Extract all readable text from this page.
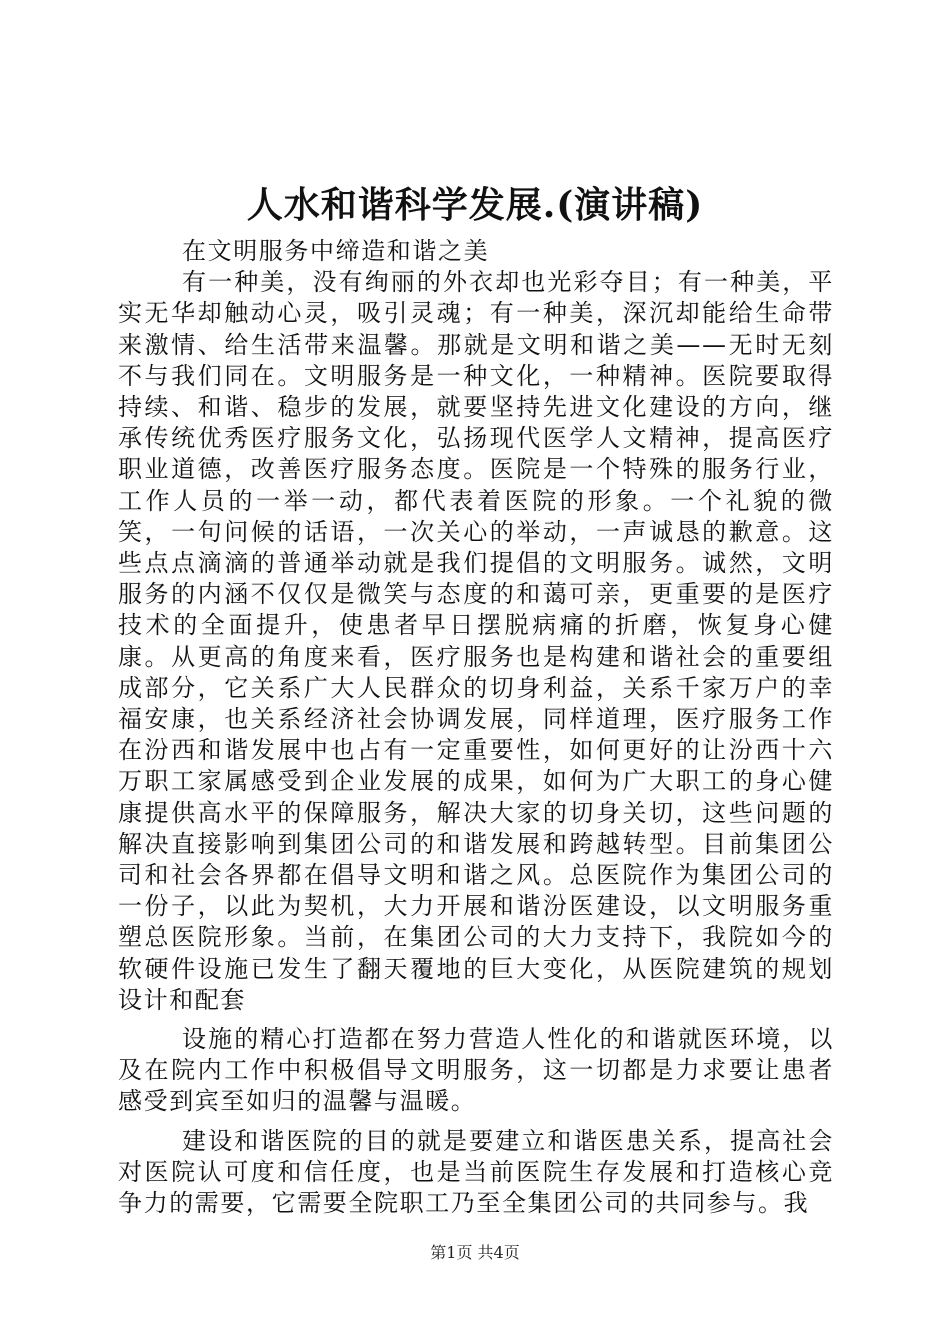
人水和谐科学发展.(演讲稿)

在文明服务中缔造和谐之美

有一种美，没有绚丽的外衣却也光彩夺目；有一种美，平实无华却触动心灵，吸引灵魂；有一种美，深沉却能给生命带来激情、给生活带来温馨。那就是文明和谐之美——无时无刻不与我们同在。文明服务是一种文化，一种精神。医院要取得持续、和谐、稳步的发展，就要坚持先进文化建设的方向，继承传统优秀医疗服务文化，弘扬现代医学人文精神，提高医疗职业道德，改善医疗服务态度。医院是一个特殊的服务行业，工作人员的一举一动，都代表着医院的形象。一个礼貌的微笑，一句问候的话语，一次关心的举动，一声诚恳的歉意。这些点点滴滴的普通举动就是我们提倡的文明服务。诚然，文明服务的内涵不仅仅是微笑与态度的和蔼可亲，更重要的是医疗技术的全面提升，使患者早日摆脱病痛的折磨，恢复身心健康。从更高的角度来看，医疗服务也是构建和谐社会的重要组成部分，它关系广大人民群众的切身利益，关系千家万户的幸福安康，也关系经济社会协调发展，同样道理，医疗服务工作在汾西和谐发展中也占有一定重要性，如何更好的让汾西十六万职工家属感受到企业发展的成果，如何为广大职工的身心健康提供高水平的保障服务，解决大家的切身关切，这些问题的解决直接影响到集团公司的和谐发展和跨越转型。目前集团公司和社会各界都在倡导文明和谐之风。总医院作为集团公司的一份子，以此为契机，大力开展和谐汾医建设，以文明服务重塑总医院形象。当前，在集团公司的大力支持下，我院如今的软硬件设施已发生了翻天覆地的巨大变化，从医院建筑的规划设计和配套

设施的精心打造都在努力营造人性化的和谐就医环境，以及在院内工作中积极倡导文明服务，这一切都是力求要让患者感受到宾至如归的温馨与温暖。

建设和谐医院的目的就是要建立和谐医患关系，提高社会对医院认可度和信任度，也是当前医院生存发展和打造核心竞争力的需要，它需要全院职工乃至全集团公司的共同参与。我

第1页 共4页
